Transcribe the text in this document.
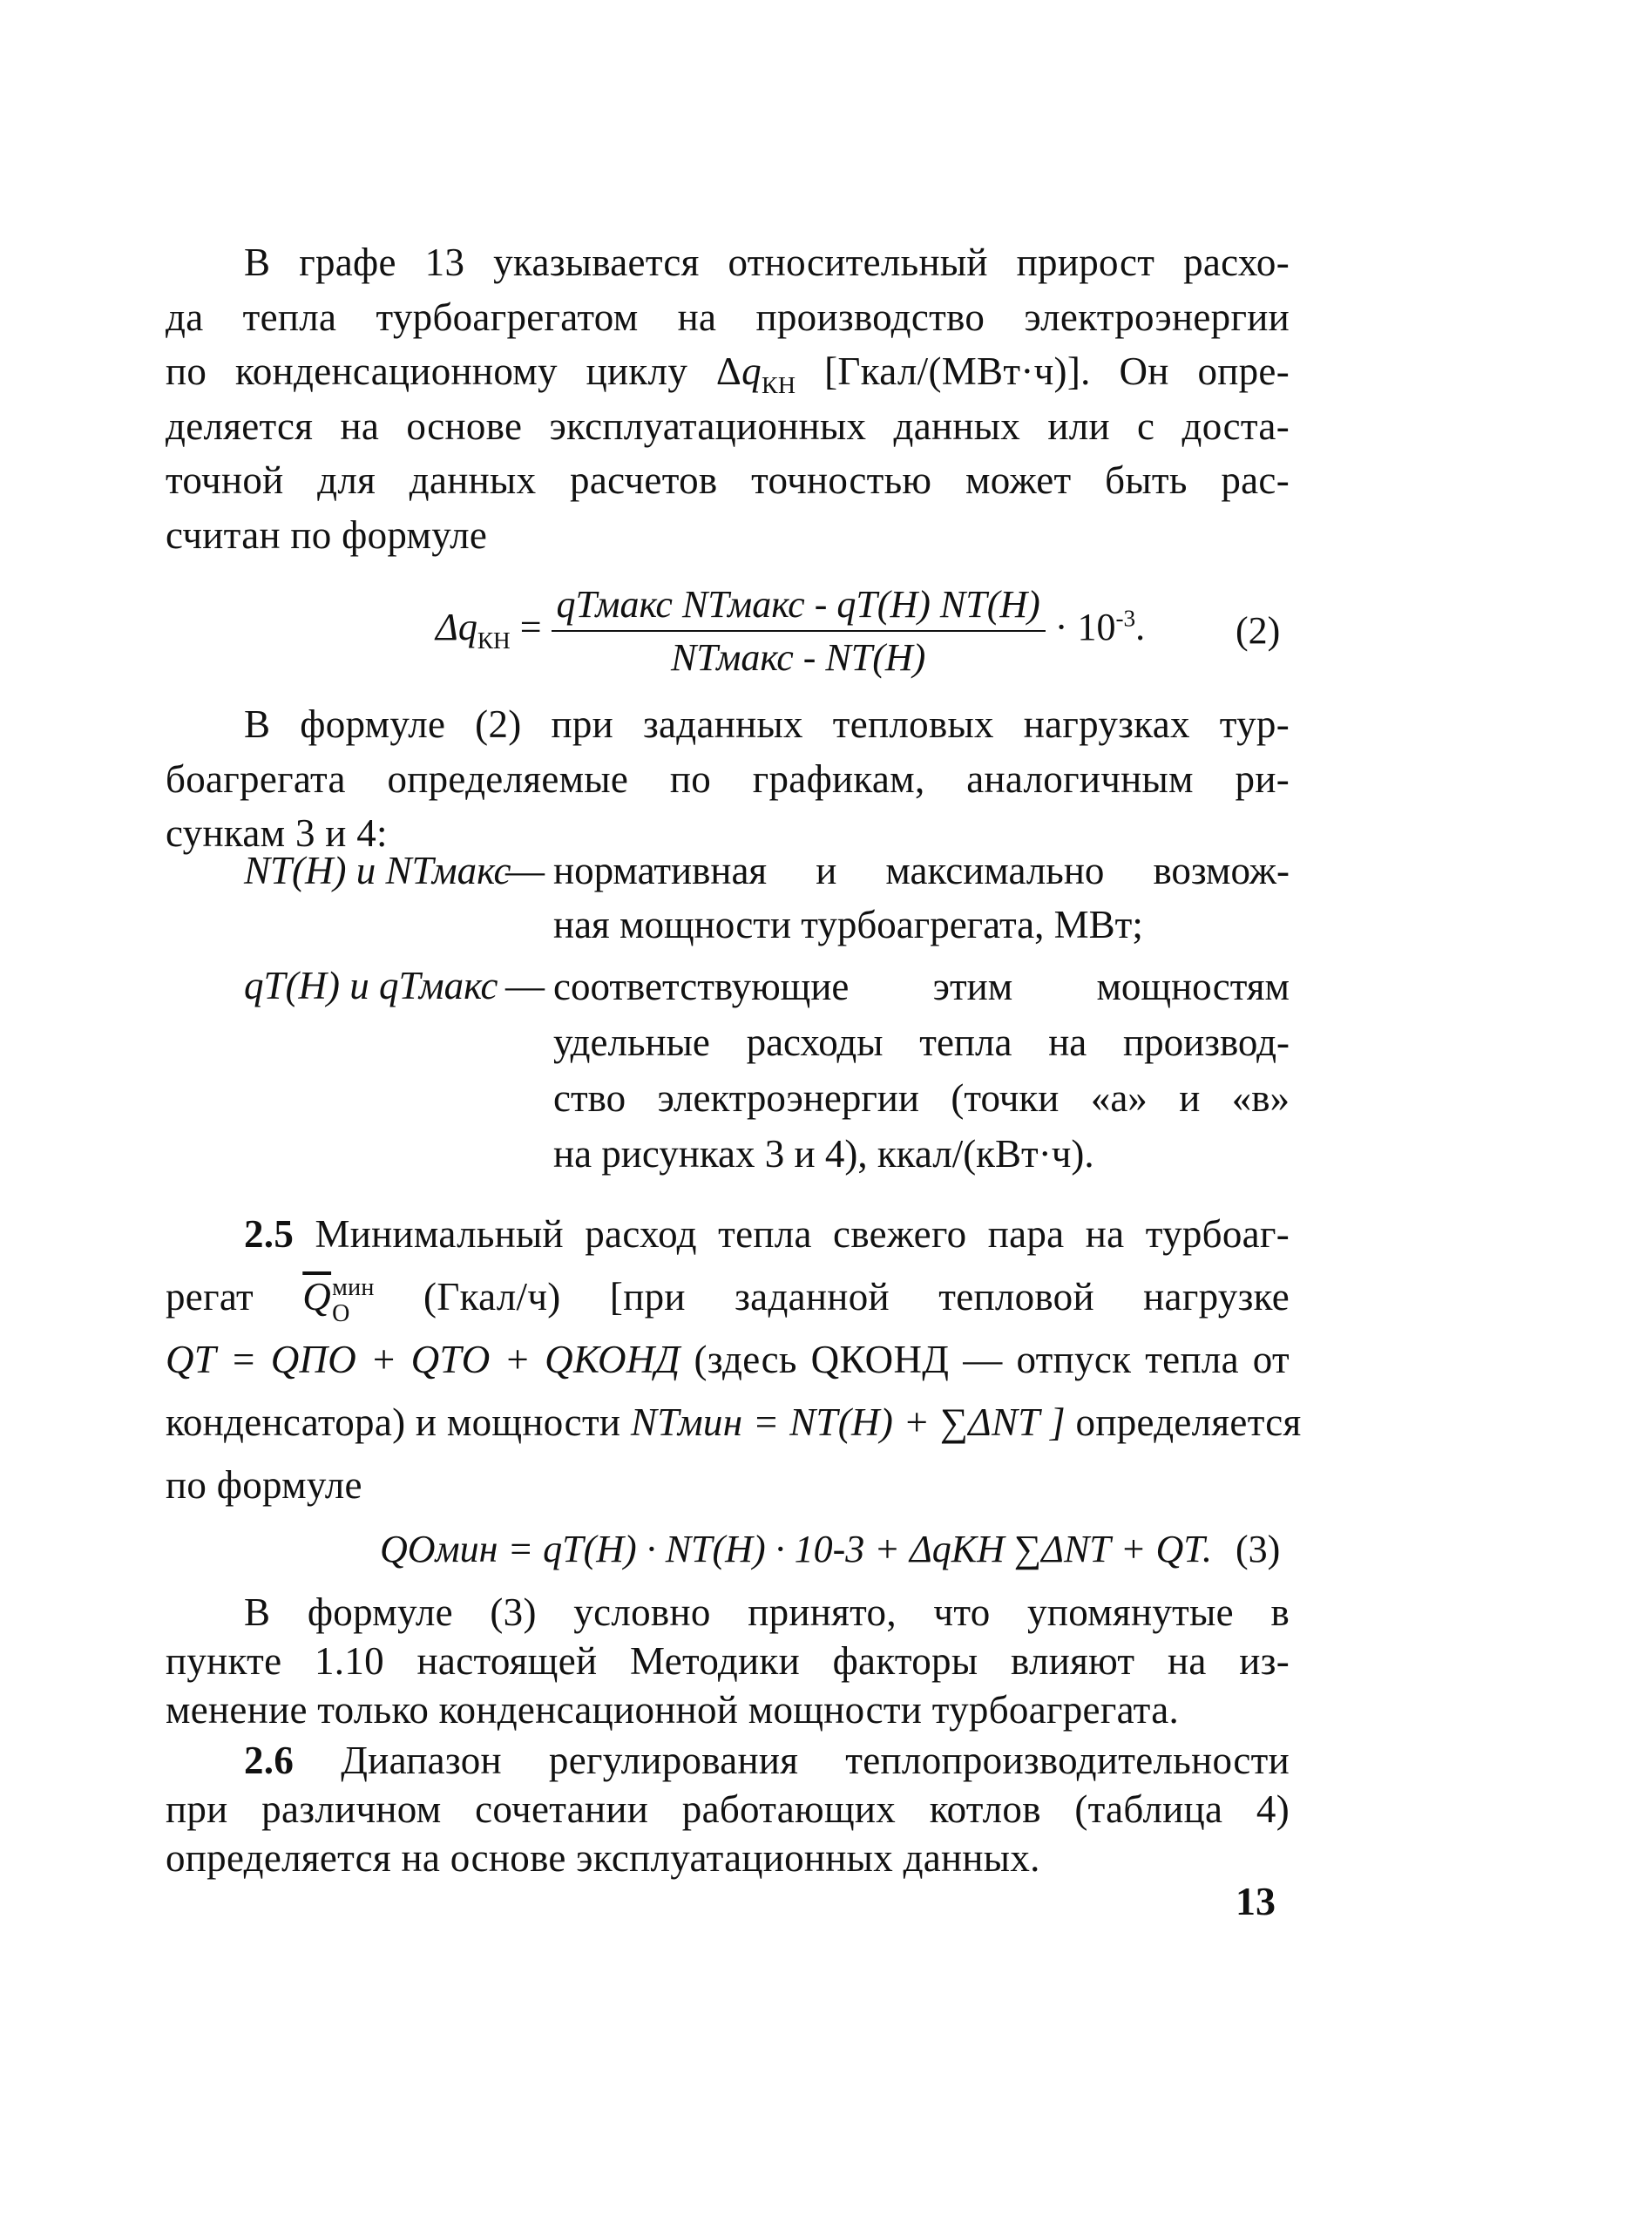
В графе 13 указывается относительный прирост расхо-
да тепла турбоагрегатом на производство электроэнергии
по конденсационному циклу $\Delta q_{КН}$ [Гкал/(МВт·ч)]. Он опре-
деляется на основе эксплуатационных данных или с доста-
точной для данных расчетов точностью может быть рас-
считан по формуле
$\Delta q_{КН} = \frac{\text{qТмакс NТмакс - qТ(Н) NТ(Н)}}{\text{NТмакс - NТ(Н)}} \cdot 10^{-3}$. (2)
В формуле (2) при заданных тепловых нагрузках тур-
боагрегата определяемые по графикам, аналогичным ри-
сункам 3 и 4:
NТ(Н) и NТмакс
— нормативная и максимально возмож-
ная мощности турбоагрегата, МВт;
qТ(Н) и qТмакс — соответствующие этим мощностям
удельные расходы тепла на производ-
ство электроэнергии (точки «а» и «в»
на рисунках 3 и 4), ккал/(кВт·ч).
2.5 Минимальный расход тепла свежего пара на турбоаг-
регат $\overline{Q}$ мин
О	(Гкал/ч) [при заданной тепловой нагрузке
QТ = QПО + QТО + QКОНД (здесь QКОНД — отпуск тепла от
конденсатора) и мощности NТмин = NТ(Н) + ∑ΔNТ ] определяется
по формуле
QОмин = qТ(Н) · NТ(Н) · 10-3 + ΔqКН ∑ΔNТ + QТ. (3)
В формуле (3) условно принято, что упомянутые в
пункте 1.10 настоящей Методики факторы влияют на из-
менение только конденсационной мощности турбоагрегата.
2.6 Диапазон регулирования теплопроизводительности
при различном сочетании работающих котлов (таблица 4)
определяется на основе эксплуатационных данных.
13
